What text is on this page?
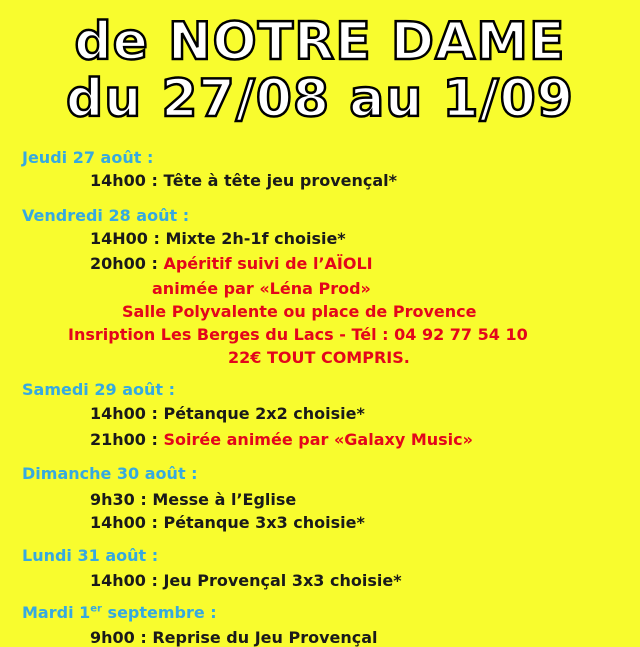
de NOTRE DAME
du 27/08 au 1/09
Jeudi 27 août :
14h00 : Tête à tête jeu provençal*
Vendredi 28 août :
14H00 : Mixte 2h-1f choisie*
20h00 : Apéritif suivi de l’AÏOLI
animée par «Léna Prod»
Salle Polyvalente ou place de Provence
Insription Les Berges du Lacs - Tél : 04 92 77 54 10
22€ TOUT COMPRIS.
Samedi 29 août :
14h00 : Pétanque 2x2 choisie*
21h00 : Soirée animée par «Galaxy Music»
Dimanche 30 août :
9h30 : Messe à l’Eglise
14h00 : Pétanque 3x3 choisie*
Lundi 31 août :
14h00 : Jeu Provençal 3x3 choisie*
Mardi 1er septembre :
9h00 : Reprise du Jeu Provençal
